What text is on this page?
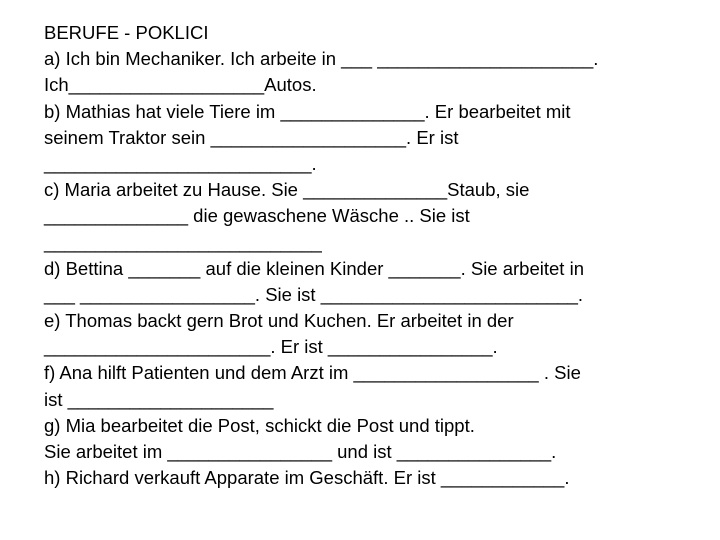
BERUFE - POKLICI
a) Ich bin Mechaniker. Ich arbeite in ___ _____________________.
Ich___________________Autos.
b) Mathias hat viele Tiere im ______________. Er bearbeitet mit
seinem Traktor sein ___________________. Er ist
__________________________.
c) Maria arbeitet zu Hause. Sie ______________Staub, sie
______________ die gewaschene Wäsche .. Sie ist
___________________________
d) Bettina _______ auf die kleinen Kinder _______. Sie arbeitet in
___ _________________. Sie ist _________________________.
e) Thomas backt gern Brot und Kuchen. Er arbeitet in der
______________________. Er ist ________________.
f) Ana hilft Patienten und dem Arzt im __________________ . Sie
ist ____________________
g) Mia bearbeitet die Post, schickt die Post und tippt.
Sie arbeitet im ________________ und ist _______________.
h) Richard verkauft Apparate im Geschäft. Er ist ____________.
